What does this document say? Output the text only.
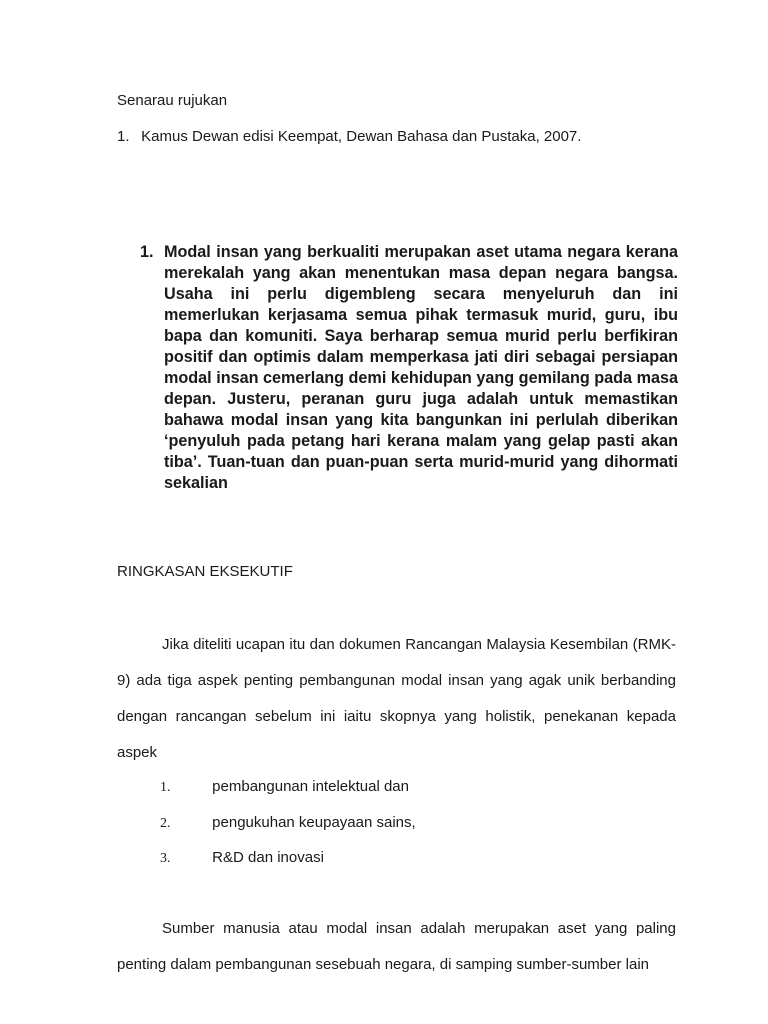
Senarau rujukan
1. Kamus Dewan edisi Keempat, Dewan Bahasa dan Pustaka, 2007.
1. Modal insan yang berkualiti merupakan aset utama negara kerana merekalah yang akan menentukan masa depan negara bangsa. Usaha ini perlu digembleng secara menyeluruh dan ini memerlukan kerjasama semua pihak termasuk murid, guru, ibu bapa dan komuniti. Saya berharap semua murid perlu berfikiran positif dan optimis dalam memperkasa jati diri sebagai persiapan modal insan cemerlang demi kehidupan yang gemilang pada masa depan. Justeru, peranan guru juga adalah untuk memastikan bahawa modal insan yang kita bangunkan ini perlulah diberikan ‘penyuluh pada petang hari kerana malam yang gelap pasti akan tiba’. Tuan-tuan dan puan-puan serta murid-murid yang dihormati sekalian
RINGKASAN EKSEKUTIF
Jika diteliti ucapan itu dan dokumen Rancangan Malaysia Kesembilan (RMK-9) ada tiga aspek penting pembangunan modal insan yang agak unik berbanding dengan rancangan sebelum ini iaitu skopnya yang holistik, penekanan kepada aspek
1.	pembangunan intelektual dan
2.	pengukuhan keupayaan sains,
3.	R&D dan inovasi
Sumber manusia atau modal insan adalah merupakan aset yang paling penting dalam pembangunan sesebuah negara, di samping sumber-sumber lain
